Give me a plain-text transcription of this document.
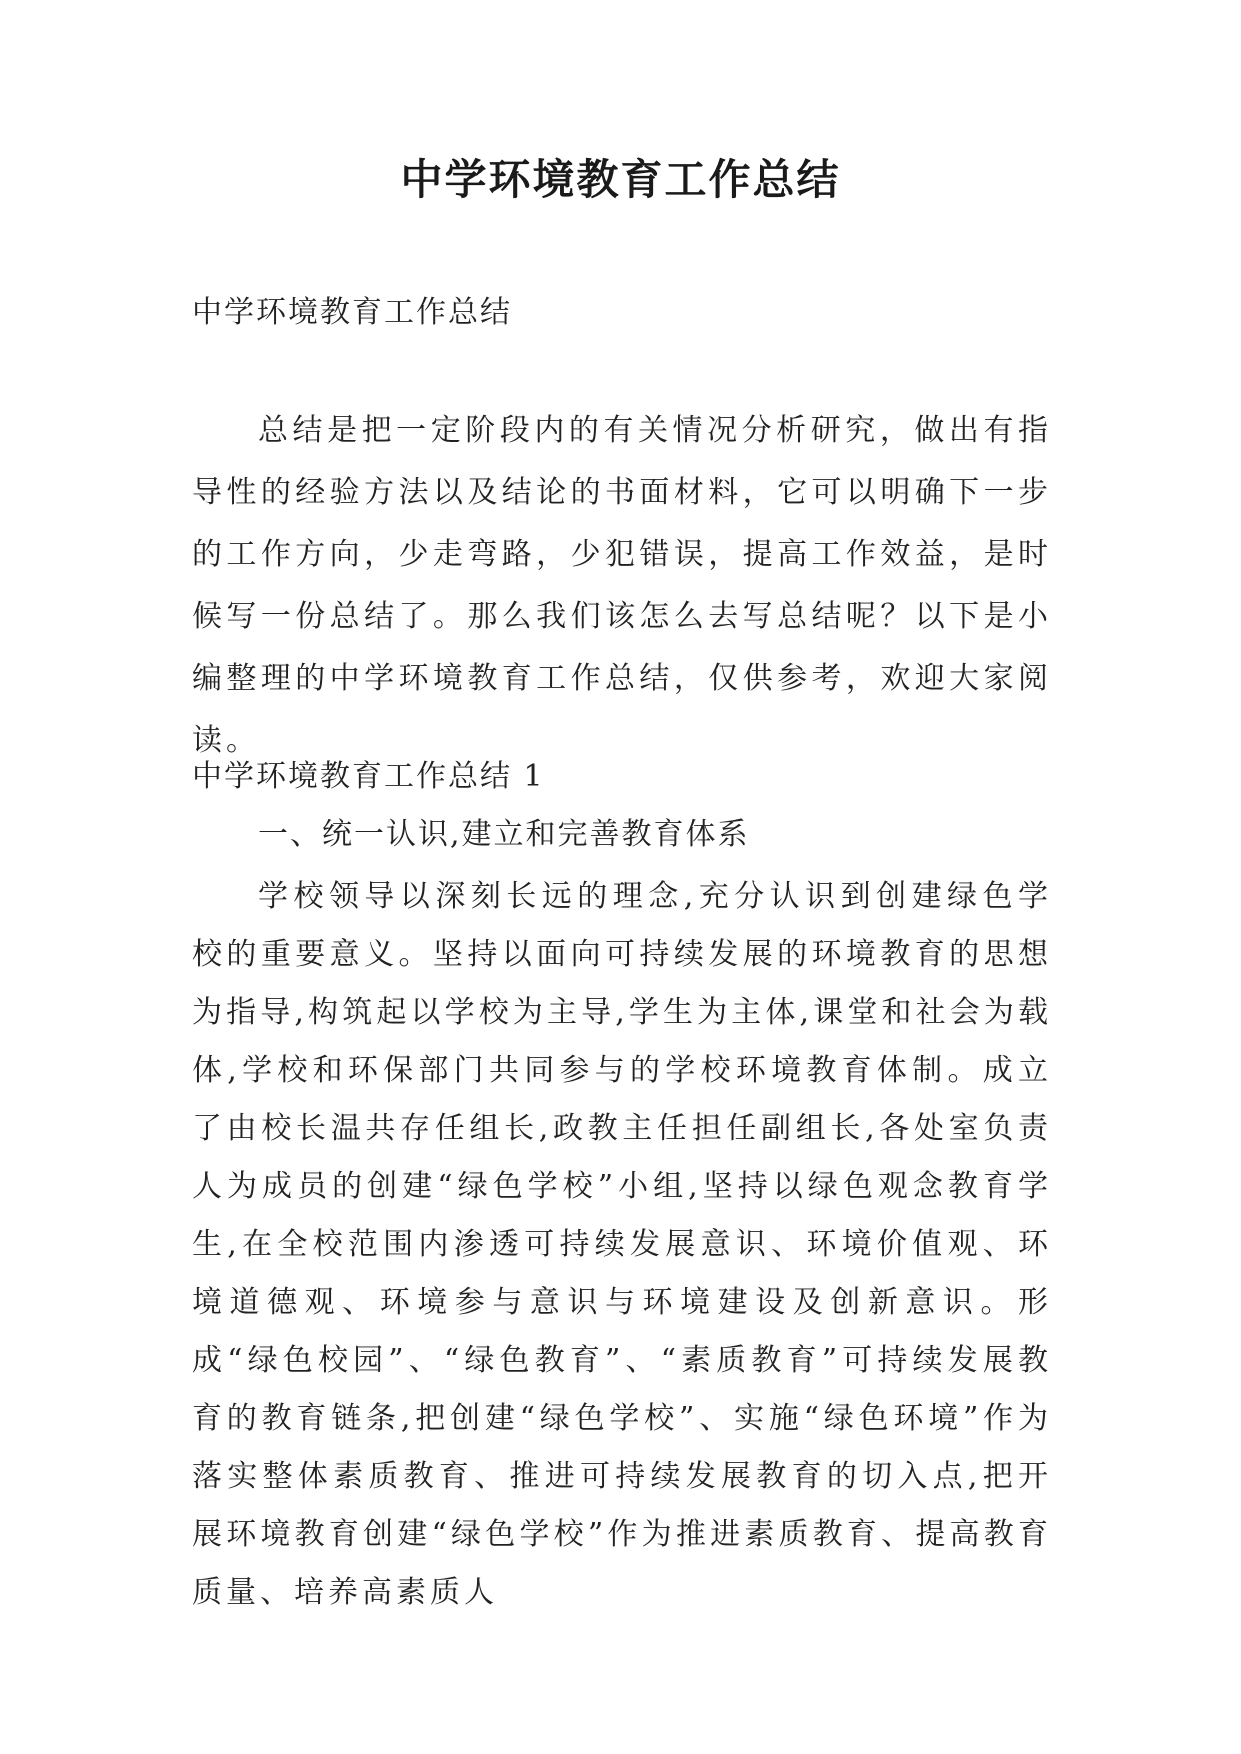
中学环境教育工作总结

中学环境教育工作总结

总结是把一定阶段内的有关情况分析研究，做出有指导性的经验方法以及结论的书面材料，它可以明确下一步的工作方向，少走弯路，少犯错误，提高工作效益，是时候写一份总结了。那么我们该怎么去写总结呢？以下是小编整理的中学环境教育工作总结，仅供参考，欢迎大家阅读。

中学环境教育工作总结 1

一、统一认识,建立和完善教育体系

学校领导以深刻长远的理念,充分认识到创建绿色学校的重要意义。坚持以面向可持续发展的环境教育的思想为指导,构筑起以学校为主导,学生为主体,课堂和社会为载体,学校和环保部门共同参与的学校环境教育体制。成立了由校长温共存任组长,政教主任担任副组长,各处室负责人为成员的创建“绿色学校”小组,坚持以绿色观念教育学生,在全校范围内渗透可持续发展意识、环境价值观、环境道德观、环境参与意识与环境建设及创新意识。形成“绿色校园”、“绿色教育”、“素质教育”可持续发展教育的教育链条,把创建“绿色学校”、实施“绿色环境”作为落实整体素质教育、推进可持续发展教育的切入点,把开展环境教育创建“绿色学校”作为推进素质教育、提高教育质量、培养高素质人
